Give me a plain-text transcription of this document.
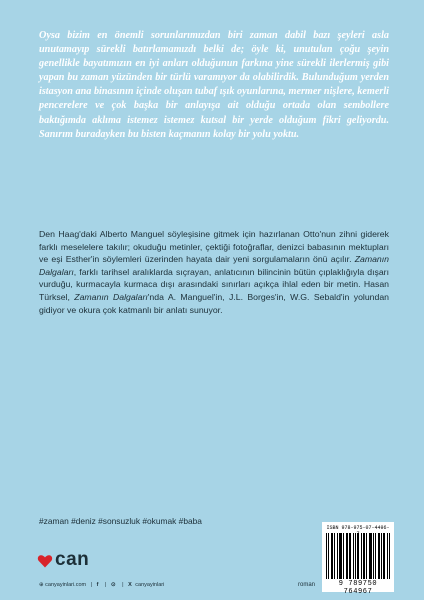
Oysa bizim en önemli sorunlarımızdan biri zaman dabil bazı şeyleri asla unutamayıp sürekli batırlamamızdı belki de; öyle ki, unutulan çoğu şeyin genellikle bayatımızın en iyi anları olduğunun farkına yine sürekli ilerlermiş gibi yapan bu zaman yüzünden bir türlü varamıyor da olabilirdik. Bulunduğum yerden istasyon ana binasının içinde oluşan tubaf ışık oyunlarına, mermer nişlere, kemerli pencerelere ve çok başka bir anlayışa ait olduğu ortada olan sembollere baktığımda aklıma istemez istemez kutsal bir yerde olduğum fikri geliyordu. Sanırım buradayken bu bisten kaçmanın kolay bir yolu yoktu.

Den Haag'daki Alberto Manguel söyleşisine gitmek için hazırlanan Otto'nun zihni giderek farklı meselelere takılır; okuduğu metinler, çektiği fotoğraflar, denizci babasının mektupları ve eşi Esther'in söylemleri üzerinden hayata dair yeni sorgulamaların önü açılır. Zamanın Dalgaları, farklı tarihsel aralıklarda sıçrayan, anlatıcının bilincinin bütün çıplaklığıyla dışarı vurduğu, kurmacayla kurmaca dışı arasındaki sınırları açıkça ihlal eden bir metin. Hasan Türksel, Zamanın Dalgaları'nda A. Manguel'in, J.L. Borges'in, W.G. Sebald'in yolundan gidiyor ve okura çok katmanlı bir anlatı sunuyor.

#zaman #deniz #sonsuzluk #okumak #baba

can
⊕ canyayinlari.com | f | ⊙ | X canyayinlari	roman
ISBN 978-975-07-4496-
9 789750 764967
